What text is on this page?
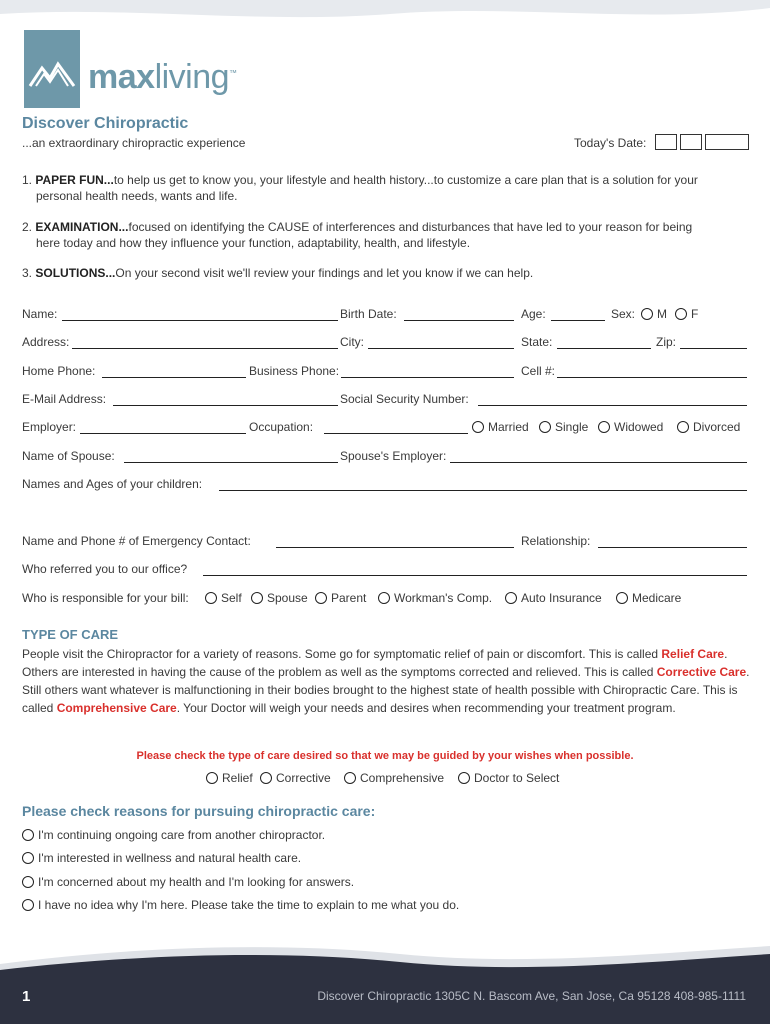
maxliving™
Discover Chiropractic
...an extraordinary chiropractic experience	Today's Date:
1. PAPER FUN...to help us get to know you, your lifestyle and health history...to customize a care plan that is a solution for your
personal health needs, wants and life.
2. EXAMINATION...focused on identifying the CAUSE of interferences and disturbances that have led to your reason for being
here today and how they influence your function, adaptability, health, and lifestyle.
3. SOLUTIONS...On your second visit we'll review your findings and let you know if we can help.
Name:	Birth Date:	Age:	Sex:	M	F
Address:	City:	State:	Zip:
Home Phone:	Business Phone:	Cell #:
E-Mail Address:	Social Security Number:
Employer:	Occupation:	Married	Single	Widowed	Divorced
Name of Spouse:	Spouse's Employer:
Names and Ages of your children:
Name and Phone # of Emergency Contact:	Relationship:
Who referred you to our office?
Who is responsible for your bill:	Self	Spouse	Parent	Workman's Comp.	Auto Insurance	Medicare
TYPE OF CARE
People visit the Chiropractor for a variety of reasons. Some go for symptomatic relief of pain or discomfort. This is called Relief Care. Others are interested in having the cause of the problem as well as the symptoms corrected and relieved. This is called Corrective Care. Still others want whatever is malfunctioning in their bodies brought to the highest state of health possible with Chiropractic Care. This is called Comprehensive Care. Your Doctor will weigh your needs and desires when recommending your treatment program.
Please check the type of care desired so that we may be guided by your wishes when possible.
Relief	Corrective	Comprehensive	Doctor to Select
Please check reasons for pursuing chiropractic care:
I'm continuing ongoing care from another chiropractor.
I'm interested in wellness and natural health care.
I'm concerned about my health and I'm looking for answers.
I have no idea why I'm here. Please take the time to explain to me what you do.
1	Discover Chiropractic 1305C N. Bascom Ave, San Jose, Ca 95128 408-985-1111
